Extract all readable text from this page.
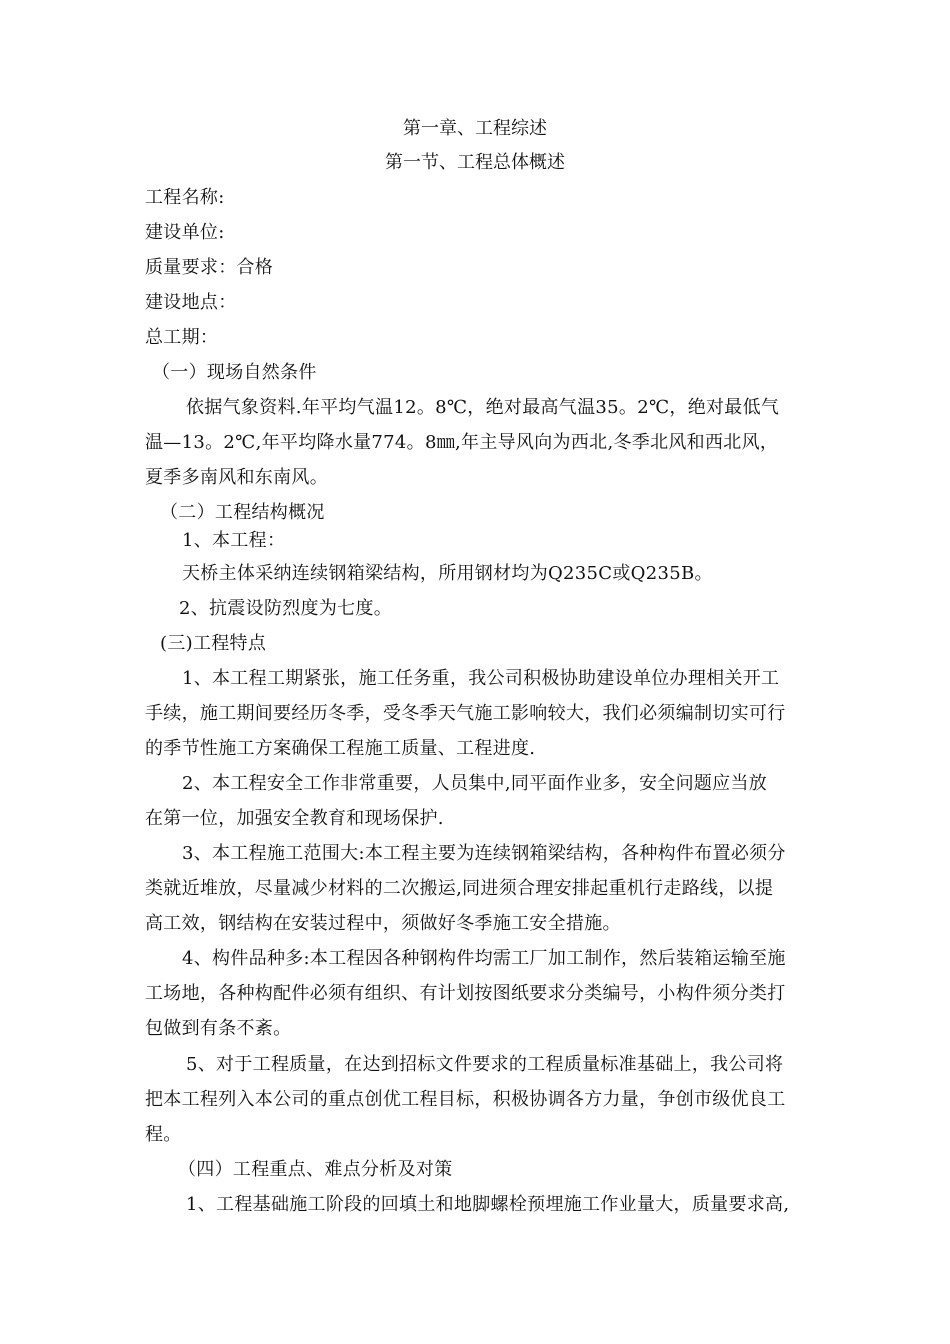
第一章、工程综述
第一节、工程总体概述
工程名称:
建设单位:
质量要求：合格
建设地点：
总工期：
（一）现场自然条件
依据气象资料.年平均气温12。8℃，绝对最高气温35。2℃，绝对最低气
温—13。2℃,年平均降水量774。8㎜,年主导风向为西北,冬季北风和西北风，
夏季多南风和东南风。
（二）工程结构概况
1、本工程：
天桥主体采纳连续钢箱梁结构，所用钢材均为Q235C或Q235B。
2、抗震设防烈度为七度。
(三)工程特点
1、本工程工期紧张，施工任务重，我公司积极协助建设单位办理相关开工
手续，施工期间要经历冬季，受冬季天气施工影响较大，我们必须编制切实可行
的季节性施工方案确保工程施工质量、工程进度.
2、本工程安全工作非常重要，人员集中,同平面作业多，安全问题应当放
在第一位，加强安全教育和现场保护.
3、本工程施工范围大:本工程主要为连续钢箱梁结构，各种构件布置必须分
类就近堆放，尽量减少材料的二次搬运,同进须合理安排起重机行走路线，以提
高工效，钢结构在安装过程中，须做好冬季施工安全措施。
4、构件品种多:本工程因各种钢构件均需工厂加工制作，然后装箱运输至施
工场地，各种构配件必须有组织、有计划按图纸要求分类编号，小构件须分类打
包做到有条不紊。
5、对于工程质量，在达到招标文件要求的工程质量标准基础上，我公司将
把本工程列入本公司的重点创优工程目标，积极协调各方力量，争创市级优良工
程。
（四）工程重点、难点分析及对策
1、工程基础施工阶段的回填土和地脚螺栓预埋施工作业量大，质量要求高,
